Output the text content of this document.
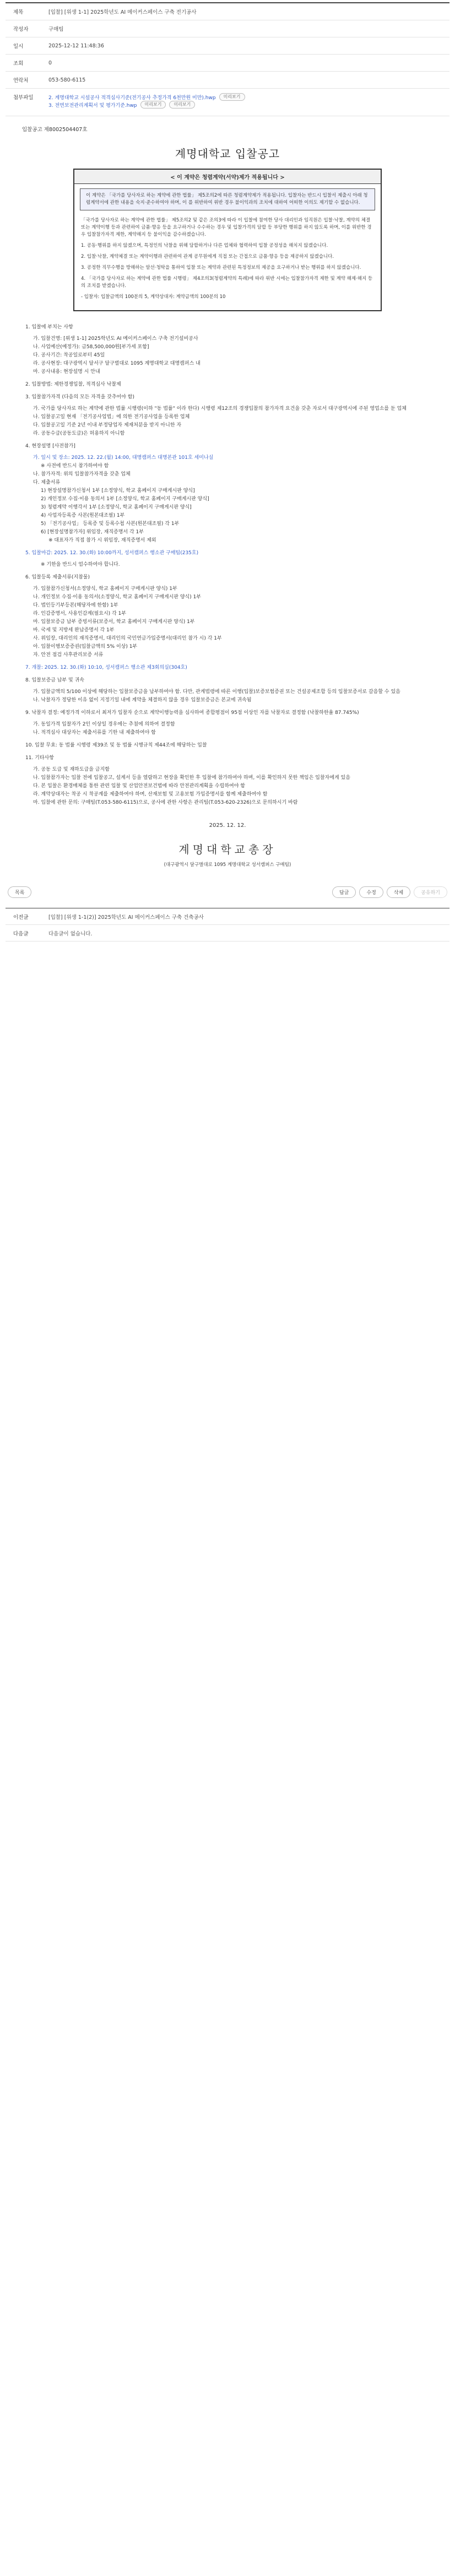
제목	[입찰] [위생 1-1] 2025학년도 AI 메이커스페이스 구축 전기공사
작성자	구매팀
일시	2025-12-12 11:48:36
조회	0
연락처	053-580-6115
첨부파일	2. 계명대학교 시설공사 적격심사기준(전기공사 추정가격 6천만원 미만).hwp	미리보기
3. 전면보전관리계획서 및 평가기준.hwp	미리보기	미리보기
입찰공고 제8002504407호
계명대학교 입찰공고
< 이 계약은 청렴계약(서약)제가 적용됩니다 >
이 계약은 「국가를 당사자로 하는 계약에 관한 법률」 제5조의2에 따른 청렴계약제가 적용됩니다. 입찰자는 반드시 입찰서 제출시 아래 청렴계약서에 관한 내용을 숙지·준수하여야 하며, 이 를 위반하여 위반 경우 불이익과의 조치에 대하여 어떠한 이의도 제기할 수 없습니다.

「국가를 당사자로 하는 계약에 관한 법률」 제5조의2 및 같은 조의3에 따라 이 입찰에 참여한 당사 대리인과 임직원은 입찰·낙찰, 계약의 체결 또는 계약이행 등과 관련하여 금품·향응 등을 요구하거나 수수하는 경우 및 입찰가격의 담합 등 부당한 행위를 하지 않도록 하며, 이를 위반한 경우 입찰참가자격 제한, 계약해지 등 불이익을 감수하겠습니다.

1. 공동·행위를 하지 않겠으며, 특정인의 낙찰을 위해 담합하거나 다른 업체와 협력하여 입찰 공정성을 해치지 않겠습니다.

2. 입찰·낙찰, 계약체결 또는 계약이행과 관련하여 관계 공무원에게 직접 또는 간접으로 금품·향응 등을 제공하지 않겠습니다.

3. 공정한 직무수행을 방해하는 알선·청탁을 통하여 입찰 또는 계약과 관련된 특정정보의 제공을 요구하거나 받는 행위를 하지 않겠습니다.

4. 「국가를 당사자로 하는 계약에 관한 법률 시행령」 제4조의3(청렴계약의 특례)에 따라 위반 시에는 입찰참가자격 제한 및 계약 해제·해지 등의 조치를 받겠습니다.

- 입찰자: 입찰금액의 100분의 5, 계약상대자: 계약금액의 100분의 10

1. 입찰에 부치는 사항
가. 입찰건명: [위생 1-1] 2025학년도 AI 메이커스페이스 구축 전기설비공사
나. 사업예산(예정가): 금58,500,000원[부가세 포함]
다. 공사기간: 착공일로부터 45일
라. 공사현장: 대구광역시 달서구 달구벌대로 1095 계명대학교 대명캠퍼스 내
마. 공사내용: 현장설명 시 안내
2. 입찰방법: 제한경쟁입찰, 적격심사 낙찰제
3. 입찰참가자격 (다음의 모든 자격을 갖추어야 함)
가. 국가를 당사자로 하는 계약에 관한 법률 시행령(이하 "동 법률" 이라 한다) 시행령 제12조의 경쟁입찰의 참가자격 요건을 갖춘 자로서 대구광역시에 주된 영업소를 둔 업체
나. 입찰공고일 현재 「전기공사업법」에 의한 전기공사업을 등록한 업체
다. 입찰공고일 기준 2년 이내 부정당업자 제재처분을 받지 아니한 자
라. 공동수급(공동도급)은 허용하지 아니함
4. 현장설명 [사전참가]
가. 일시 및 장소: 2025. 12. 22.(월) 14:00, 대명캠퍼스 대명본관 101호 세미나실
※ 사전에 반드시 참가하여야 함
나. 참가자격: 위의 입찰참가자격을 갖춘 업체
다. 제출서류
1) 현장설명참가신청서 1부 [소정양식, 학교 홈페이지 구매게시판 양식]
2) 개인정보 수집·이용 동의서 1부 [소정양식, 학교 홈페이지 구매게시판 양식]
3) 청렴계약 이행각서 1부 [소정양식, 학교 홈페이지 구매게시판 양식]
4) 사업자등록증 사본(원본대조필) 1부
5) 「전기공사업」 등록증 및 등록수첩 사본(원본대조필) 각 1부
6) [현장설명참가자] 위임장, 재직증명서 각 1부
※ 대표자가 직접 참가 시 위임장, 재직증명서 제외
5. 입찰마감: 2025. 12. 30.(화) 10:00까지, 성서캠퍼스 행소관 구매팀(235호)
※ 기한을 반드시 엄수하여야 합니다.
6. 입찰등록 제출서류(지참물)
가. 입찰참가신청서(소정양식, 학교 홈페이지 구매게시판 양식) 1부
나. 개인정보 수집·이용 동의서(소정양식, 학교 홈페이지 구매게시판 양식) 1부
다. 법인등기부등본(해당자에 한함) 1부
라. 인감증명서, 사용인감계(필요시) 각 1부
마. 입찰보증금 납부 증빙서류(보증서, 학교 홈페이지 구매게시판 양식) 1부
바. 국세 및 지방세 완납증명서 각 1부
사. 위임장, 대리인의 재직증명서, 대리인의 국민연금가입증명서(대리인 참가 시) 각 1부
아. 입찰이행보증증권(입찰금액의 5% 이상) 1부
자. 안전 점검 사후관리보증 서류
7. 개찰: 2025. 12. 30.(화) 10:10, 성서캠퍼스 행소관 제3회의실(304호)
8. 입찰보증금 납부 및 귀속
가. 입찰금액의 5/100 이상에 해당하는 입찰보증금을 납부하여야 함. 다만, 관계법령에 따른 이행(입찰)보증보험증권 또는 건설공제조합 등의 입찰보증서로 갈음할 수 있음
나. 낙찰자가 정당한 이유 없이 지정기일 내에 계약을 체결하지 않을 경우 입찰보증금은 본교에 귀속됨
9. 낙찰자 결정: 예정가격 이하로서 최저가 입찰자 순으로 계약이행능력을 심사하여 종합평점이 95점 이상인 자를 낙찰자로 결정함 (낙찰하한율 87.745%)
가. 동일가격 입찰자가 2인 이상일 경우에는 추첨에 의하여 결정함
나. 적격심사 대상자는 제출서류를 기한 내 제출하여야 함
10. 입찰 무효: 동 법률 시행령 제39조 및 동 법률 시행규칙 제44조에 해당하는 입찰
11. 기타사항
가. 공동 도급 및 재하도급을 금지함
나. 입찰참가자는 입찰 전에 입찰공고, 설계서 등을 열람하고 현장을 확인한 후 입찰에 참가하여야 하며, 이를 확인하지 못한 책임은 입찰자에게 있음
다. 본 입찰은 환경매체를 통한 관련 입찰 및 산업안전보건법에 따라 안전관리계획을 수립하여야 함
라. 계약상대자는 착공 시 착공계를 제출하여야 하며, 산재보험 및 고용보험 가입증명서를 함께 제출하여야 함
마. 입찰에 관한 문의: 구매팀(T.053-580-6115)으로, 공사에 관한 사항은 관리팀(T.053-620-2326)으로 문의하시기 바람
2025. 12. 12.
계명대학교총장
(대구광역시 달구벌대로 1095 계명대학교 성서캠퍼스 구매팀)
목록	답글	수정	삭제	공유하기
이전글	[입찰] [위생 1-1(2)] 2025학년도 AI 메이커스페이스 구축 건축공사
다음글	다음글이 없습니다.
